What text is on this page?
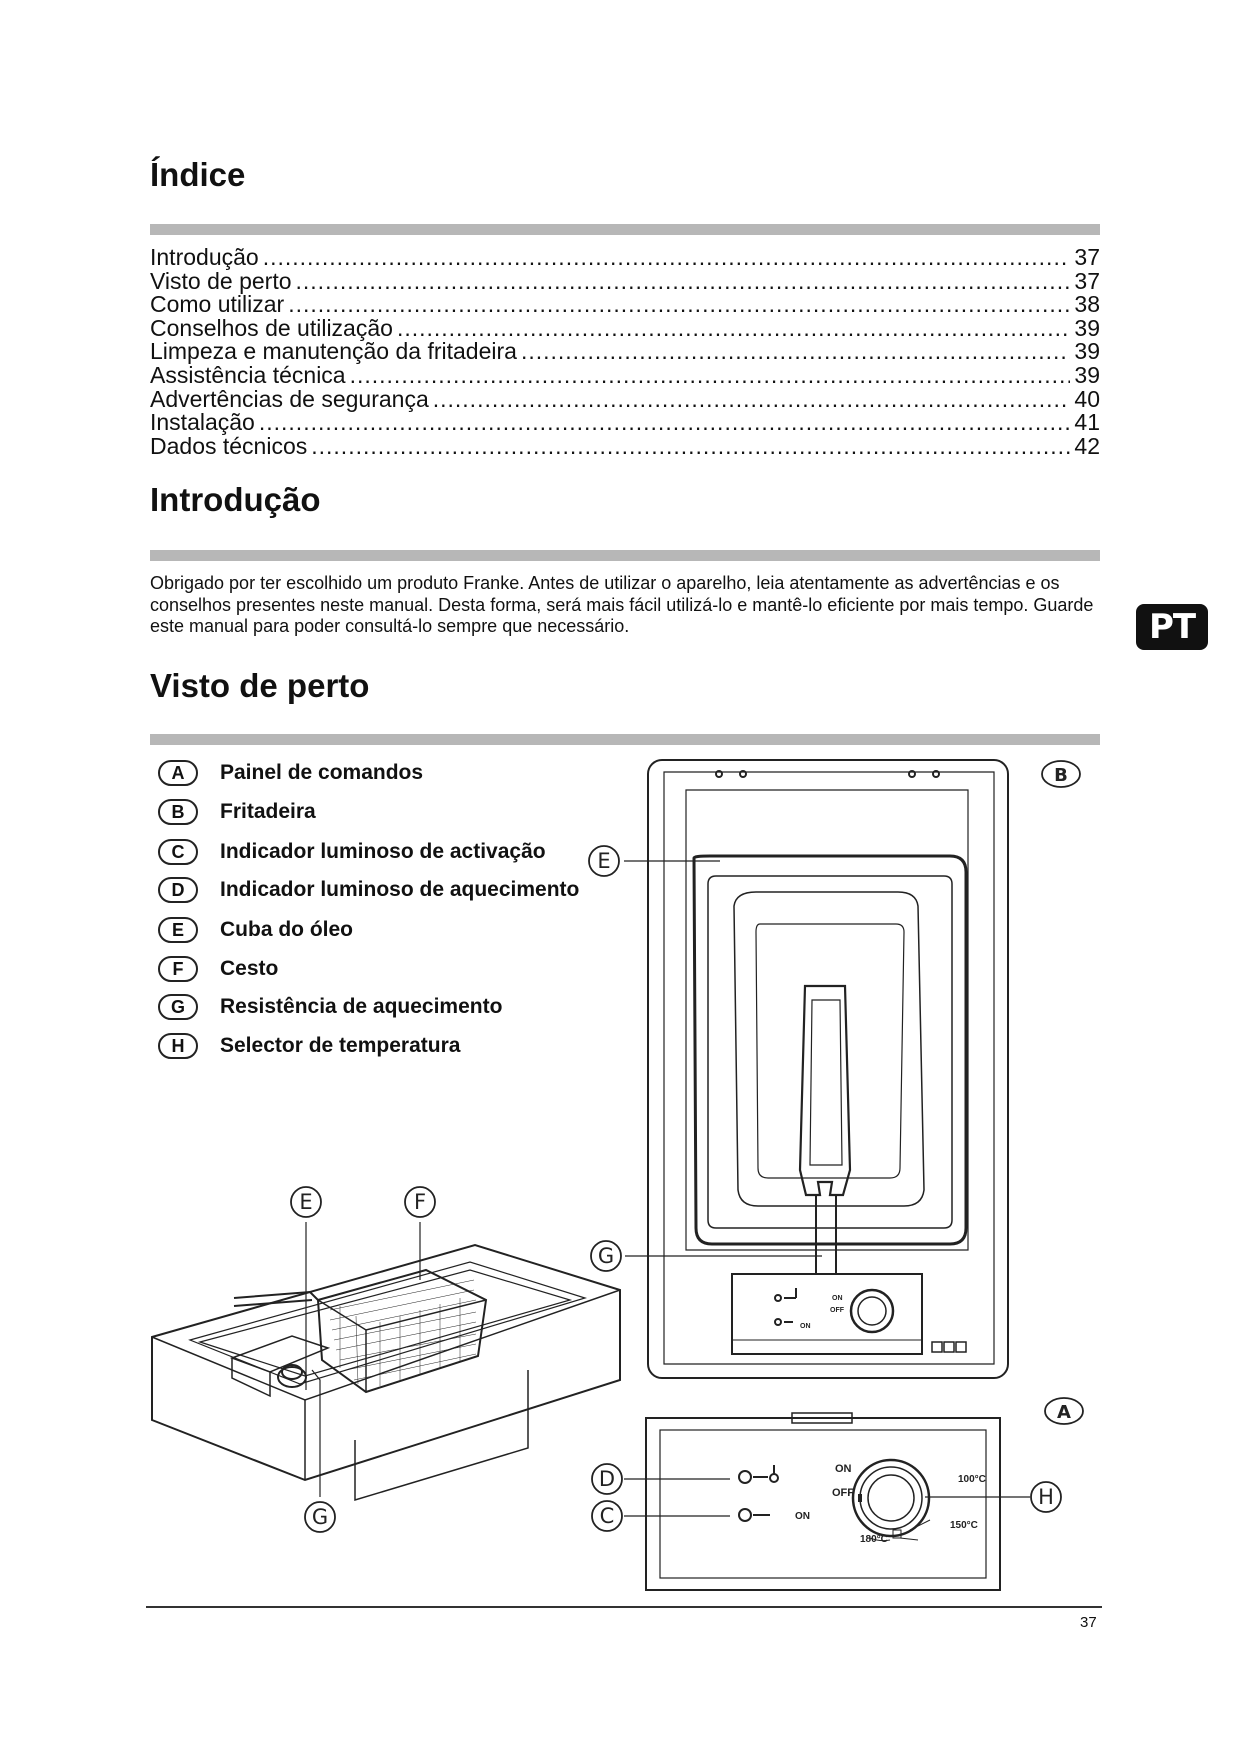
Índice
Introdução .....	37
Visto de perto .....	37
Como utilizar .....	38
Conselhos de utilização .....	39
Limpeza e manutenção da fritadeira .....	39
Assistência técnica .....	39
Advertências de segurança .....	40
Instalação .....	41
Dados técnicos .....	42
Introdução

Obrigado por ter escolhido um produto Franke. Antes de utilizar o aparelho, leia atentamente as advertências e os conselhos presentes neste manual. Desta forma, será mais fácil utilizá-lo e mantê-lo eficiente por mais tempo. Guarde este manual para poder consultá-lo sempre que necessário.	PT
Visto de perto
A	Painel de comandos
B	Fritadeira
C	Indicador luminoso de activação
D	Indicador luminoso de aquecimento
E	Cuba do óleo
F	Cesto
G	Resistência de aquecimento
H	Selector de temperatura
B
E
G
E	F
G
A
D
C
H
ON
OFF
100°C
150°C
180°C
ON
ON
ON
OFF
37
